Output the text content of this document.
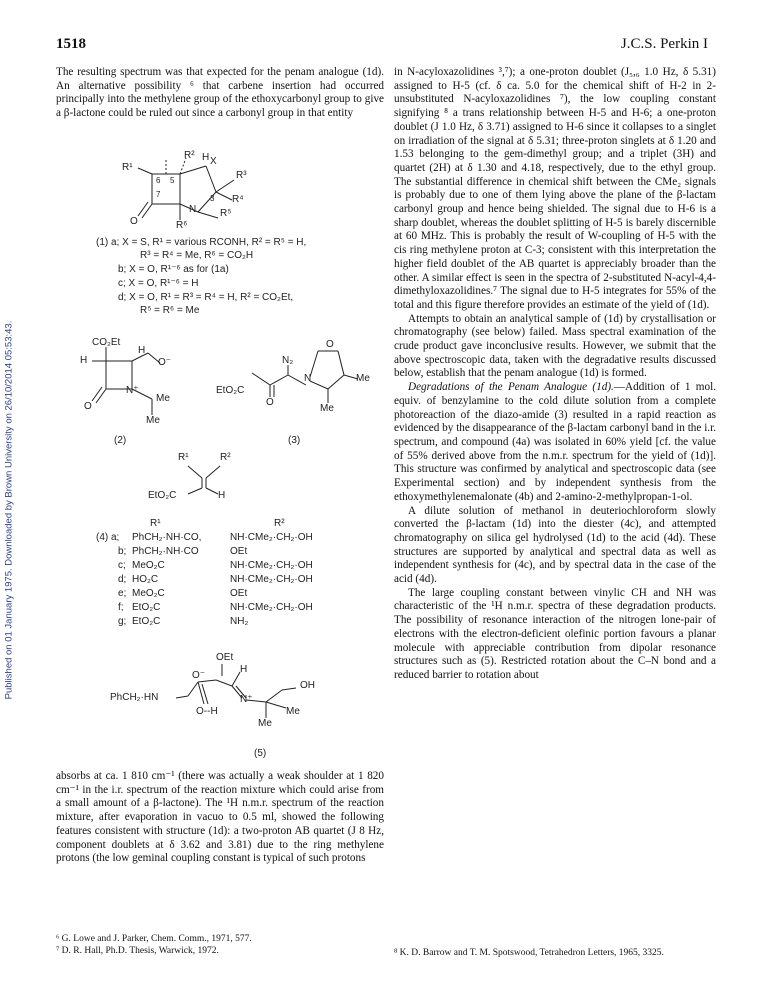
Published on 01 January 1975. Downloaded by Brown University on 26/10/2014 05:53:43.
1518	J.C.S. Perkin I

The resulting spectrum was that expected for the penam analogue (1d). An alternative possibility ⁶ that carbene insertion had occurred principally into the methylene group of the ethoxycarbonyl group to give a β-lactone could be ruled out since a carbonyl group in that entity

R² H
R¹
6 5
7
X
R³
R⁴
3
R⁵
N
O	R⁶
(1) a; X = S, R¹ = various RCONH, R² = R⁵ = H,
R³ = R⁴ = Me, R⁶ = CO₂H
b; X = O, R¹⁻⁶ as for (1a)
c; X = O, R¹⁻⁶ = H
d; X = O, R¹ = R³ = R⁴ = H, R² = CO₂Et,
R⁵ = R⁶ = Me
CO₂Et
H
H	O⁻
N⁺
Me
O
Me
(2)
N₂
O
EtO₂C
N	Me
O
Me
(3)
R¹	R²
EtO₂C	H
R¹	R²
(4) a; PhCH₂·NH·CO,	NH·CMe₂·CH₂·OH
b; PhCH₂·NH·CO	OEt
c; MeO₂C	NH·CMe₂·CH₂·OH
d; HO₂C	NH·CMe₂·CH₂·OH
e; MeO₂C	OEt
f; EtO₂C	NH·CMe₂·CH₂·OH
g; EtO₂C	NH₂
OEt
O⁻
H
OH
PhCH₂·HN	N⁺
O--H	Me
Me
(5)

absorbs at ca. 1 810 cm⁻¹ (there was actually a weak shoulder at 1 820 cm⁻¹ in the i.r. spectrum of the reaction mixture which could arise from a small amount of a β-lactone). The ¹H n.m.r. spectrum of the reaction mixture, after evaporation in vacuo to 0.5 ml, showed the following features consistent with structure (1d): a two-proton AB quartet (J 8 Hz, component doublets at δ 3.62 and 3.81) due to the ring methylene protons (the low geminal coupling constant is typical of such protons

⁶ G. Lowe and J. Parker, Chem. Comm., 1971, 577.

⁷ D. R. Hall, Ph.D. Thesis, Warwick, 1972.

in N-acyloxazolidines ³,⁷); a one-proton doublet (J₅,₆ 1.0 Hz, δ 5.31) assigned to H-5 (cf. δ ca. 5.0 for the chemical shift of H-2 in 2-unsubstituted N-acyloxazolidines ⁷), the low coupling constant signifying ⁸ a trans relationship between H-5 and H-6; a one-proton doublet (J 1.0 Hz, δ 3.71) assigned to H-6 since it collapses to a singlet on irradiation of the signal at δ 5.31; three-proton singlets at δ 1.20 and 1.53 belonging to the gem-dimethyl group; and a triplet (3H) and quartet (2H) at δ 1.30 and 4.18, respectively, due to the ethyl group. The substantial difference in chemical shift between the CMe₂ signals is probably due to one of them lying above the plane of the β-lactam carbonyl group and hence being shielded. The signal due to H-6 is a sharp doublet, whereas the doublet splitting of H-5 is barely discernible at 60 MHz. This is probably the result of W-coupling of H-5 with the cis ring methylene proton at C-3; consistent with this interpretation the higher field doublet of the AB quartet is appreciably broader than the other. A similar effect is seen in the spectra of 2-substituted N-acyl-4,4-dimethyloxazolidines.⁷ The signal due to H-5 integrates for 55% of the total and this figure therefore provides an estimate of the yield of (1d).

Attempts to obtain an analytical sample of (1d) by crystallisation or chromatography (see below) failed. Mass spectral examination of the crude product gave inconclusive results. However, we submit that the above spectroscopic data, taken with the degradative results discussed below, establish that the penam analogue (1d) is formed.

Degradations of the Penam Analogue (1d).—Addition of 1 mol. equiv. of benzylamine to the cold dilute solution from a complete photoreaction of the diazo-amide (3) resulted in a rapid reaction as evidenced by the disappearance of the β-lactam carbonyl band in the i.r. spectrum, and compound (4a) was isolated in 60% yield [cf. the value of 55% derived above from the n.m.r. spectrum for the yield of (1d)]. This structure was confirmed by analytical and spectroscopic data (see Experimental section) and by independent synthesis from the ethoxymethylenemalonate (4b) and 2-amino-2-methylpropan-1-ol.

A dilute solution of methanol in deuteriochloroform slowly converted the β-lactam (1d) into the diester (4c), and attempted chromatography on silica gel hydrolysed (1d) to the acid (4d). These structures are supported by analytical and spectral data as well as independent synthesis for (4c), and by spectral data in the case of the acid (4d).

The large coupling constant between vinylic CH and NH was characteristic of the ¹H n.m.r. spectra of these degradation products. The possibility of resonance interaction of the nitrogen lone-pair of electrons with the electron-deficient olefinic portion favours a planar molecule with appreciable contribution from dipolar resonance structures such as (5). Restricted rotation about the C–N bond and a reduced barrier to rotation about

⁸ K. D. Barrow and T. M. Spotswood, Tetrahedron Letters, 1965, 3325.
